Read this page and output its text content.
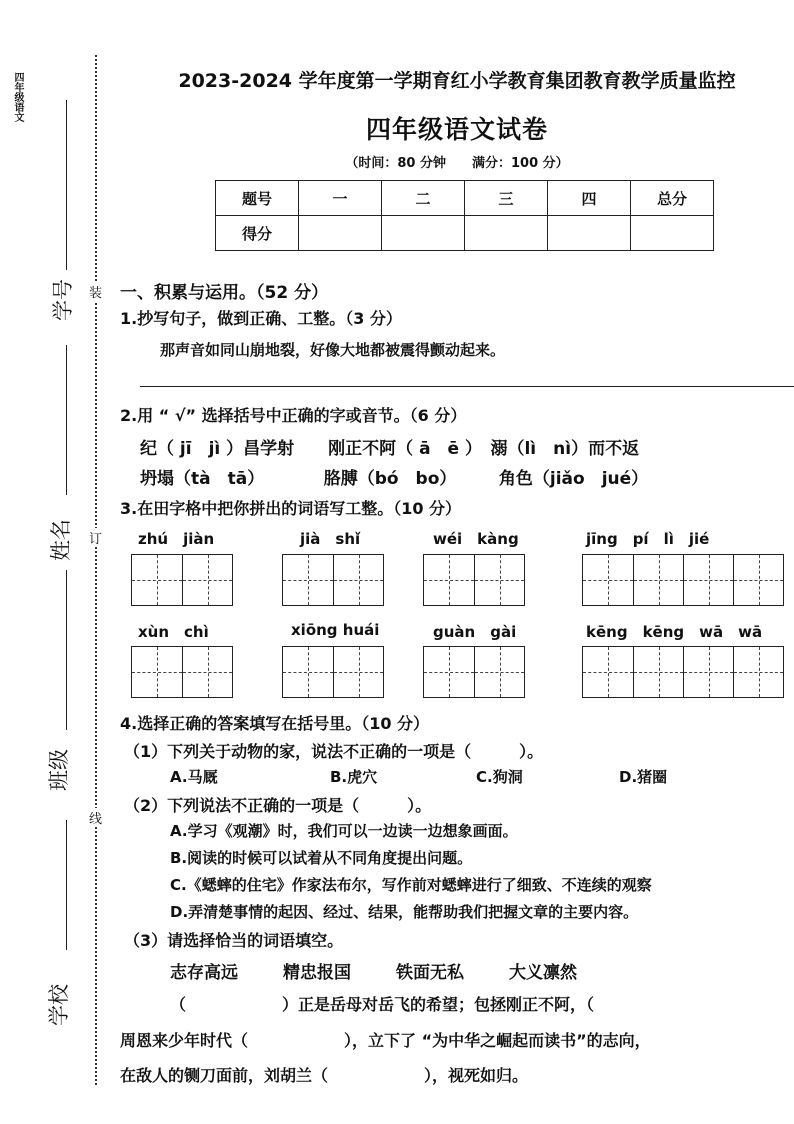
四年级语文
学号
姓名
班级
学校
装
订
线
2023-2024 学年度第一学期育红小学教育集团教育教学质量监控
四年级语文试卷
（时间：80 分钟　　满分：100 分）
题号	一	二	三	四	总分
得分					
一、积累与运用。（52 分）
1.抄写句子，做到正确、工整。（3 分）
那声音如同山崩地裂，好像大地都被震得颤动起来。
2.用 “ √” 选择括号中正确的字或音节。（6 分）
纪（ jī　jì ）昌学射　　刚正不阿（ ā　ē ）　溺（lì　nì）而不返
坍塌（tà　tā）　　　　胳膊（bó　bo）　　　角色（jiǎo　jué）
3.在田字格中把你拼出的词语写工整。（10 分）
zhú　jiàn	jià　shǐ	wéi　kàng	jīng　pí　lì　jié
xùn　chì	xiōng huái	guàn　gài	kēng　kēng　wā　wā
4.选择正确的答案填写在括号里。（10 分）
（1）下列关于动物的家，说法不正确的一项是（　　　）。
A.马厩	B.虎穴	C.狗洞	D.猪圈
（2）下列说法不正确的一项是（　　　）。
A.学习《观潮》时，我们可以一边读一边想象画面。
B.阅读的时候可以试着从不同角度提出问题。
C.《蟋蟀的住宅》作家法布尔，写作前对蟋蟀进行了细致、不连续的观察
D.弄清楚事情的起因、经过、结果，能帮助我们把握文章的主要内容。
（3）请选择恰当的词语填空。
志存高远	精忠报国	铁面无私	大义凛然
（　　　　　　）正是岳母对岳飞的希望；包拯刚正不阿，（
周恩来少年时代（　　　　　　），立下了 “为中华之崛起而读书”的志向，
在敌人的铡刀面前，刘胡兰（　　　　　　），视死如归。
